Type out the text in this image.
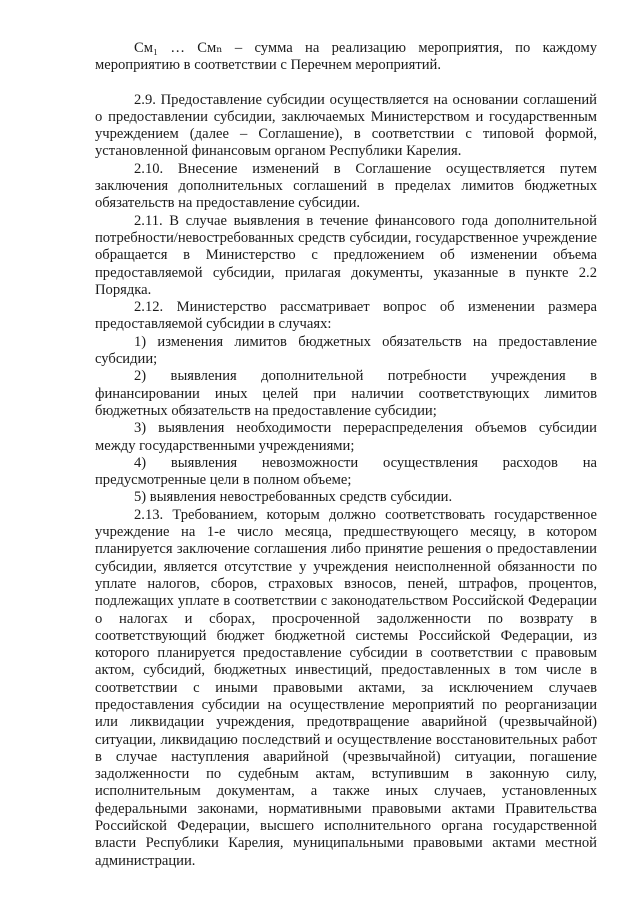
См₁ … Смₙ – сумма на реализацию мероприятия, по каждому мероприятию в соответствии с Перечнем мероприятий.

2.9. Предоставление субсидии осуществляется на основании соглашений о предоставлении субсидии, заключаемых Министерством и государственным учреждением (далее – Соглашение), в соответствии с типовой формой, установленной финансовым органом Республики Карелия.

2.10. Внесение изменений в Соглашение осуществляется путем заключения дополнительных соглашений в пределах лимитов бюджетных обязательств на предоставление субсидии.

2.11. В случае выявления в течение финансового года дополнительной потребности/невостребованных средств субсидии, государственное учреждение обращается в Министерство с предложением об изменении объема предоставляемой субсидии, прилагая документы, указанные в пункте 2.2 Порядка.

2.12. Министерство рассматривает вопрос об изменении размера предоставляемой субсидии в случаях:

1) изменения лимитов бюджетных обязательств на предоставление субсидии;

2) выявления дополнительной потребности учреждения в финансировании иных целей при наличии соответствующих лимитов бюджетных обязательств на предоставление субсидии;

3) выявления необходимости перераспределения объемов субсидии между государственными учреждениями;

4) выявления невозможности осуществления расходов на предусмотренные цели в полном объеме;

5) выявления невостребованных средств субсидии.

2.13. Требованием, которым должно соответствовать государственное учреждение на 1-е число месяца, предшествующего месяцу, в котором планируется заключение соглашения либо принятие решения о предоставлении субсидии, является отсутствие у учреждения неисполненной обязанности по уплате налогов, сборов, страховых взносов, пеней, штрафов, процентов, подлежащих уплате в соответствии с законодательством Российской Федерации о налогах и сборах, просроченной задолженности по возврату в соответствующий бюджет бюджетной системы Российской Федерации, из которого планируется предоставление субсидии в соответствии с правовым актом, субсидий, бюджетных инвестиций, предоставленных в том числе в соответствии с иными правовыми актами, за исключением случаев предоставления субсидии на осуществление мероприятий по реорганизации или ликвидации учреждения, предотвращение аварийной (чрезвычайной) ситуации, ликвидацию последствий и осуществление восстановительных работ в случае наступления аварийной (чрезвычайной) ситуации, погашение задолженности по судебным актам, вступившим в законную силу, исполнительным документам, а также иных случаев, установленных федеральными законами, нормативными правовыми актами Правительства Российской Федерации, высшего исполнительного органа государственной власти Республики Карелия, муниципальными правовыми актами местной администрации.
